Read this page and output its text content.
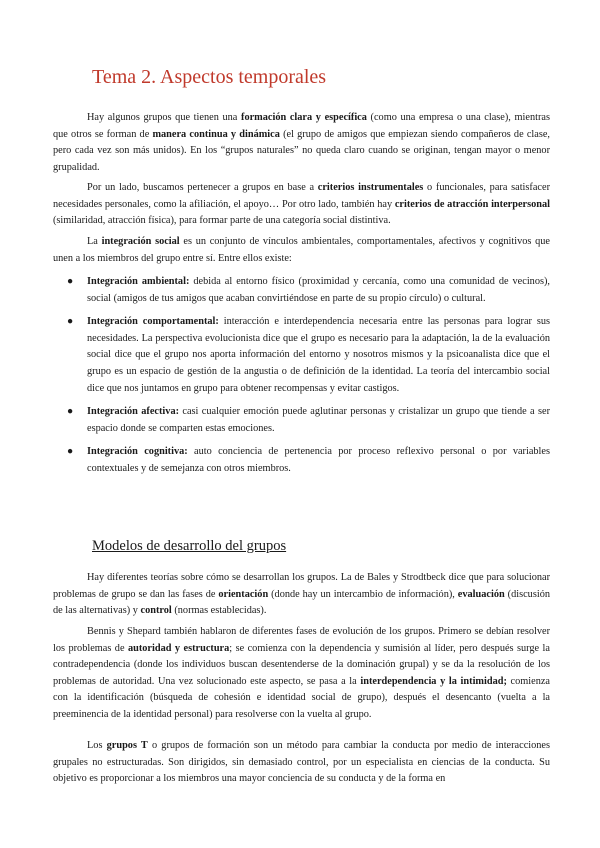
Tema 2. Aspectos temporales

Hay algunos grupos que tienen una formación clara y específica (como una empresa o una clase), mientras que otros se forman de manera continua y dinámica (el grupo de amigos que empiezan siendo compañeros de clase, pero cada vez son más unidos). En los “grupos naturales” no queda claro cuando se originan, tengan mayor o menor grupalidad.

Por un lado, buscamos pertenecer a grupos en base a criterios instrumentales o funcionales, para satisfacer necesidades personales, como la afiliación, el apoyo… Por otro lado, también hay criterios de atracción interpersonal (similaridad, atracción física), para formar parte de una categoría social distintiva.

La integración social es un conjunto de vínculos ambientales, comportamentales, afectivos y cognitivos que unen a los miembros del grupo entre sí. Entre ellos existe:

● Integración ambiental: debida al entorno físico (proximidad y cercanía, como una comunidad de vecinos), social (amigos de tus amigos que acaban convirtiéndose en parte de su propio círculo) o cultural.
● Integración comportamental: interacción e interdependencia necesaria entre las personas para lograr sus necesidades. La perspectiva evolucionista dice que el grupo es necesario para la adaptación, la de la evaluación social dice que el grupo nos aporta información del entorno y nosotros mismos y la psicoanalista dice que el grupo es un espacio de gestión de la angustia o de definición de la identidad. La teoría del intercambio social dice que nos juntamos en grupo para obtener recompensas y evitar castigos.
● Integración afectiva: casi cualquier emoción puede aglutinar personas y cristalizar un grupo que tiende a ser espacio donde se comparten estas emociones.
● Integración cognitiva: auto conciencia de pertenencia por proceso reflexivo personal o por variables contextuales y de semejanza con otros miembros.
Modelos de desarrollo del grupos

Hay diferentes teorías sobre cómo se desarrollan los grupos. La de Bales y Strodtbeck dice que para solucionar problemas de grupo se dan las fases de orientación (donde hay un intercambio de información), evaluación (discusión de las alternativas) y control (normas establecidas).

Bennis y Shepard también hablaron de diferentes fases de evolución de los grupos. Primero se debían resolver los problemas de autoridad y estructura; se comienza con la dependencia y sumisión al líder, pero después surge la contradependencia (donde los individuos buscan desentenderse de la dominación grupal) y se da la resolución de los problemas de autoridad. Una vez solucionado este aspecto, se pasa a la interdependencia y la intimidad; comienza con la identificación (búsqueda de cohesión e identidad social de grupo), después el desencanto (vuelta a la preeminencia de la identidad personal) para resolverse con la vuelta al grupo.

Los grupos T o grupos de formación son un método para cambiar la conducta por medio de interacciones grupales no estructuradas. Son dirigidos, sin demasiado control, por un especialista en ciencias de la conducta. Su objetivo es proporcionar a los miembros una mayor conciencia de su conducta y de la forma en
